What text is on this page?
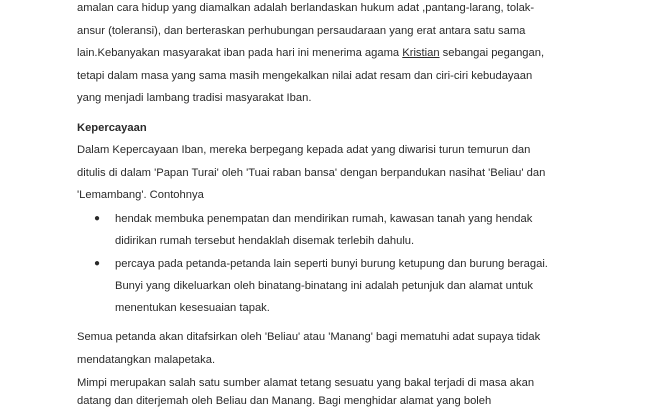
amalan cara hidup yang diamalkan adalah berlandaskan hukum adat ,pantang-larang, tolak-
ansur (toleransi), dan berteraskan perhubungan persaudaraan yang erat antara satu sama
lain.Kebanyakan masyarakat iban pada hari ini menerima agama Kristian sebangai pegangan,
tetapi dalam masa yang sama masih mengekalkan nilai adat resam dan ciri-ciri kebudayaan
yang menjadi lambang tradisi masyarakat Iban.
Kepercayaan
Dalam Kepercayaan Iban, mereka berpegang kepada adat yang diwarisi turun temurun dan
ditulis di dalam 'Papan Turai' oleh 'Tuai raban bansa' dengan berpandukan nasihat 'Beliau' dan
'Lemambang'. Contohnya
● hendak membuka penempatan dan mendirikan rumah, kawasan tanah yang hendak
didirikan rumah tersebut hendaklah disemak terlebih dahulu.
● percaya pada petanda-petanda lain seperti bunyi burung ketupung dan burung beragai.
Bunyi yang dikeluarkan oleh binatang-binatang ini adalah petunjuk dan alamat untuk
menentukan kesesuaian tapak.
Semua petanda akan ditafsirkan oleh 'Beliau' atau 'Manang' bagi mematuhi adat supaya tidak
mendatangkan malapetaka.
Mimpi merupakan salah satu sumber alamat tetang sesuatu yang bakal terjadi di masa akan
datang dan diterjemah oleh Beliau dan Manang. Bagi menghidar alamat yang boleh
